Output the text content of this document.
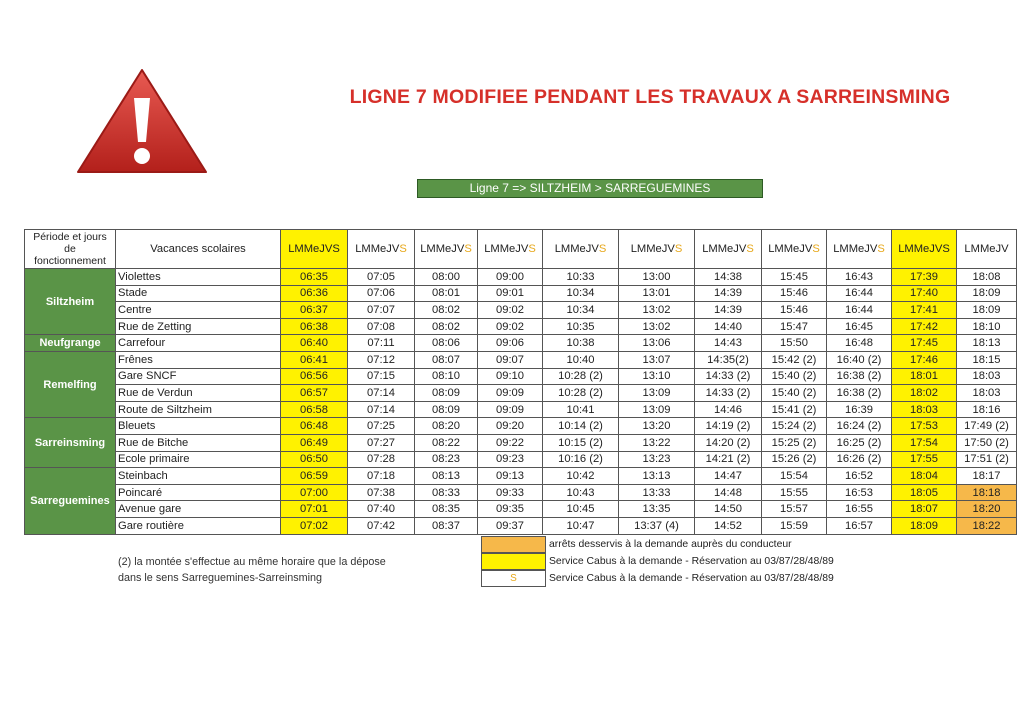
LIGNE 7 MODIFIEE PENDANT LES TRAVAUX A SARREINSMING
Ligne 7 => SILTZHEIM > SARREGUEMINES
Période et jours de fonctionnement	Vacances scolaires	LMMeJVS	LMMeJVS	LMMeJVS	LMMeJVS	LMMeJVS	LMMeJVS	LMMeJVS	LMMeJVS	LMMeJVS	LMMeJVS	LMMeJV
Siltzheim	Violettes	06:35	07:05	08:00	09:00	10:33	13:00	14:38	15:45	16:43	17:39	18:08
	Stade	06:36	07:06	08:01	09:01	10:34	13:01	14:39	15:46	16:44	17:40	18:09
	Centre	06:37	07:07	08:02	09:02	10:34	13:02	14:39	15:46	16:44	17:41	18:09
	Rue de Zetting	06:38	07:08	08:02	09:02	10:35	13:02	14:40	15:47	16:45	17:42	18:10
Neufgrange	Carrefour	06:40	07:11	08:06	09:06	10:38	13:06	14:43	15:50	16:48	17:45	18:13
Remelfing	Frênes	06:41	07:12	08:07	09:07	10:40	13:07	14:35(2)	15:42 (2)	16:40 (2)	17:46	18:15
	Gare SNCF	06:56	07:15	08:10	09:10	10:28 (2)	13:10	14:33 (2)	15:40 (2)	16:38 (2)	18:01	18:03
	Rue de Verdun	06:57	07:14	08:09	09:09	10:28 (2)	13:09	14:33 (2)	15:40 (2)	16:38 (2)	18:02	18:03
	Route de Siltzheim	06:58	07:14	08:09	09:09	10:41	13:09	14:46	15:41 (2)	16:39	18:03	18:16
Sarreinsming	Bleuets	06:48	07:25	08:20	09:20	10:14 (2)	13:20	14:19 (2)	15:24 (2)	16:24 (2)	17:53	17:49 (2)
	Rue de Bitche	06:49	07:27	08:22	09:22	10:15 (2)	13:22	14:20 (2)	15:25 (2)	16:25 (2)	17:54	17:50 (2)
	Ecole primaire	06:50	07:28	08:23	09:23	10:16 (2)	13:23	14:21 (2)	15:26 (2)	16:26 (2)	17:55	17:51 (2)
Sarreguemines	Steinbach	06:59	07:18	08:13	09:13	10:42	13:13	14:47	15:54	16:52	18:04	18:17
	Poincaré	07:00	07:38	08:33	09:33	10:43	13:33	14:48	15:55	16:53	18:05	18:18
	Avenue gare	07:01	07:40	08:35	09:35	10:45	13:35	14:50	15:57	16:55	18:07	18:20
	Gare routière	07:02	07:42	08:37	09:37	10:47	13:37 (4)	14:52	15:59	16:57	18:09	18:22
arrêts desservis à la demande auprès du conducteur
Service Cabus à la demande - Réservation au 03/87/28/48/89
S	Service Cabus à la demande - Réservation au 03/87/28/48/89
(2) la montée s'effectue au même horaire que la dépose
dans le sens Sarreguemines-Sarreinsming
